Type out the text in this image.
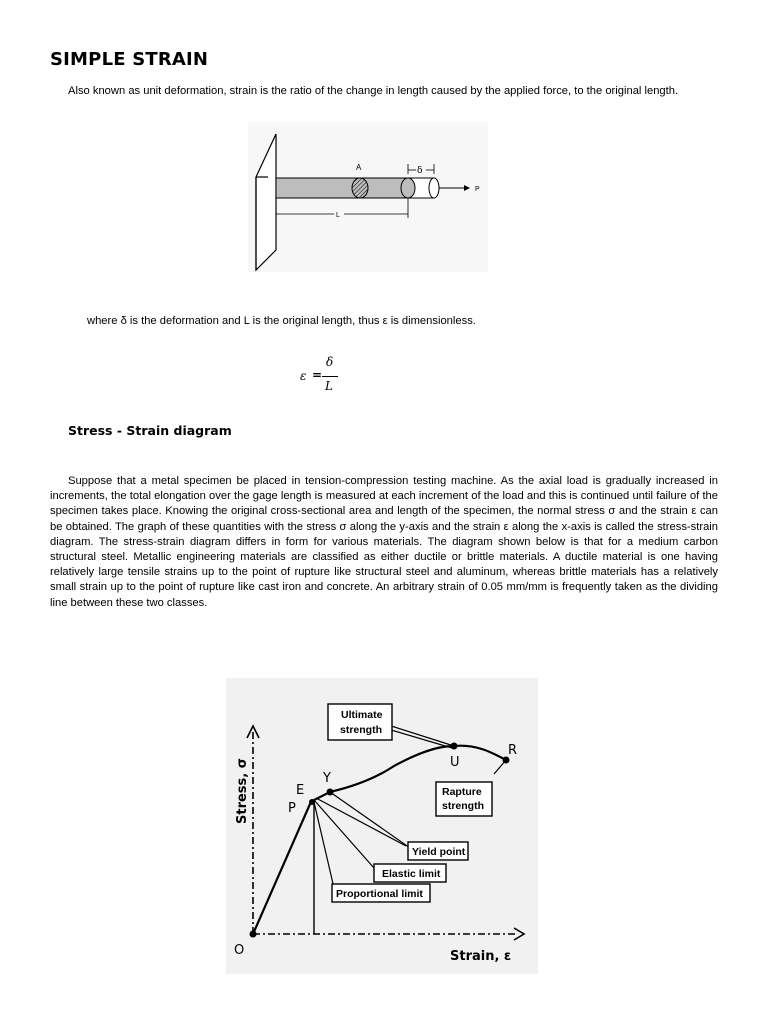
SIMPLE STRAIN
Also known as unit deformation, strain is the ratio of the change in length caused by the applied force, to the original length.
A	δ
P
L
where δ is the deformation and L is the original length, thus ε is dimensionless.
ε =
δ
L
Stress - Strain diagram
Suppose that a metal specimen be placed in tension-compression testing machine. As the axial load is gradually increased in increments, the total elongation over the gage length is measured at each increment of the load and this is continued until failure of the specimen takes place. Knowing the original cross-sectional area and length of the specimen, the normal stress σ and the strain ε can be obtained. The graph of these quantities with the stress σ along the y-axis and the strain ε along the x-axis is called the stress-strain diagram. The stress-strain diagram differs in form for various materials. The diagram shown below is that for a medium carbon structural steel. Metallic engineering materials are classified as either ductile or brittle materials. A ductile material is one having relatively large tensile strains up to the point of rupture like structural steel and aluminum, whereas brittle materials has a relatively small strain up to the point of rupture like cast iron and concrete. An arbitrary strain of 0.05 mm/mm is frequently taken as the dividing line between these two classes.
O
P
E
Y
U
R
Stress, σ
Strain, ε
Ultimate
strength
Rapture
strength
Yield point
Elastic limit
Proportional limit
